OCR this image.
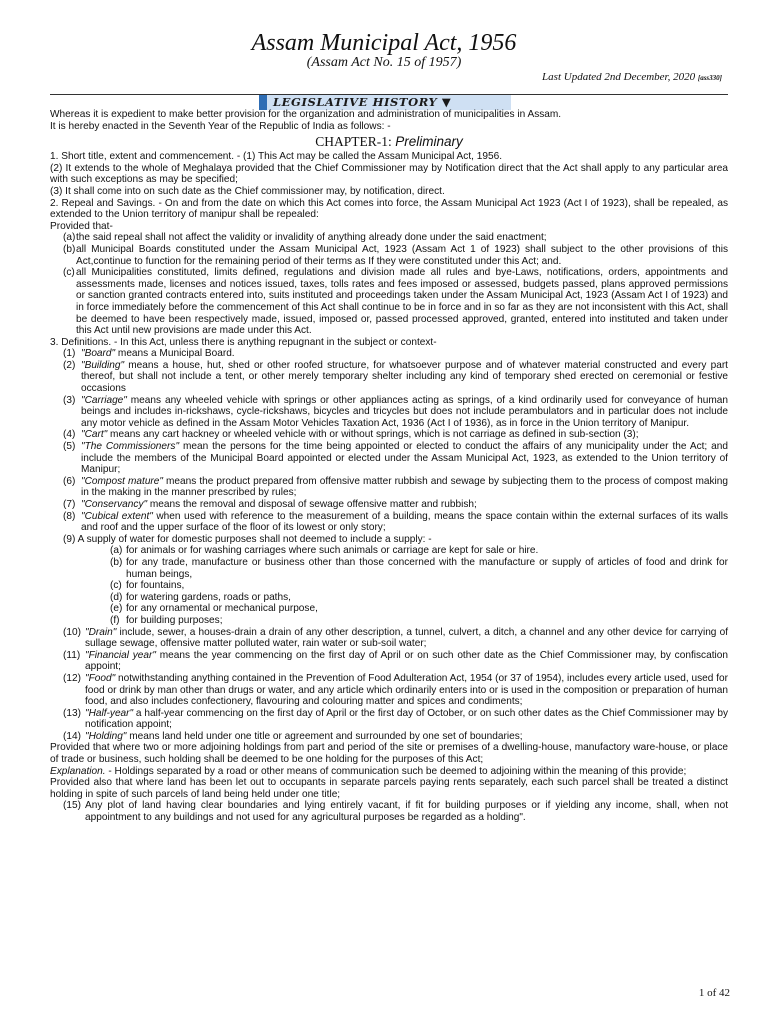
Assam Municipal Act, 1956
(Assam Act No. 15 of 1957)
Last Updated 2nd December, 2020 [ass330]
LEGISLATIVE HISTORY ▼

Whereas it is expedient to make better provision for the organization and administration of municipalities in Assam.

It is hereby enacted in the Seventh Year of the Republic of India as follows: -

CHAPTER-1: Preliminary

1. Short title, extent and commencement. - (1) This Act may be called the Assam Municipal Act, 1956.

(2) It extends to the whole of Meghalaya provided that the Chief Commissioner may by Notification direct that the Act shall apply to any particular area with such exceptions as may be specified;

(3) It shall come into on such date as the Chief commissioner may, by notification, direct.

2. Repeal and Savings. - On and from the date on which this Act comes into force, the Assam Municipal Act 1923 (Act I of 1923), shall be repealed, as extended to the Union territory of manipur shall be repealed:

Provided that-

(a) the said repeal shall not affect the validity or invalidity of anything already done under the said enactment;
(b) all Municipal Boards constituted under the Assam Municipal Act, 1923 (Assam Act 1 of 1923) shall subject to the other provisions of this Act,continue to function for the remaining period of their terms as If they were constituted under this Act; and.
(c) all Municipalities constituted, limits defined, regulations and division made all rules and bye-Laws, notifications, orders, appointments and assessments made, licenses and notices issued, taxes, tolls rates and fees imposed or assessed, budgets passed, plans approved permissions or sanction granted contracts entered into, suits instituted and proceedings taken under the Assam Municipal Act, 1923 (Assam Act I of 1923) and in force immediately before the commencement of this Act shall continue to be in force and in so far as they are not inconsistent with this Act, shall be deemed to have been respectively made, issued, imposed or, passed processed approved, granted, entered into instituted and taken under this Act until new provisions are made under this Act.

3. Definitions. - In this Act, unless there is anything repugnant in the subject or context-

(1) "Board" means a Municipal Board.
(2) "Building" means a house, hut, shed or other roofed structure, for whatsoever purpose and of whatever material constructed and every part thereof, but shall not include a tent, or other merely temporary shelter including any kind of temporary shed erected on ceremonial or festive occasions
(3) "Carriage" means any wheeled vehicle with springs or other appliances acting as springs, of a kind ordinarily used for conveyance of human beings and includes in-rickshaws, cycle-rickshaws, bicycles and tricycles but does not include perambulators and in particular does not include any motor vehicle as defined in the Assam Motor Vehicles Taxation Act, 1936 (Act I of 1936), as in force in the Union territory of Manipur.
(4) "Cart" means any cart hackney or wheeled vehicle with or without springs, which is not carriage as defined in sub-section (3);
(5) "The Commissioners" mean the persons for the time being appointed or elected to conduct the affairs of any municipality under the Act; and include the members of the Municipal Board appointed or elected under the Assam Municipal Act, 1923, as extended to the Union territory of Manipur;
(6) "Compost mature" means the product prepared from offensive matter rubbish and sewage by subjecting them to the process of compost making in the making in the manner prescribed by rules;
(7) "Conservancy" means the removal and disposal of sewage offensive matter and rubbish;
(8) "Cubical extent" when used with reference to the measurement of a building, means the space contain within the external surfaces of its walls and roof and the upper surface of the floor of its lowest or only story;

(9) A supply of water for domestic purposes shall not deemed to include a supply: -

(a) for animals or for washing carriages where such animals or carriage are kept for sale or hire.
(b) for any trade, manufacture or business other than those concerned with the manufacture or supply of articles of food and drink for human beings,
(c) for fountains,
(d) for watering gardens, roads or paths,
(e) for any ornamental or mechanical purpose,
(f) for building purposes;
(10) "Drain" include, sewer, a houses-drain a drain of any other description, a tunnel, culvert, a ditch, a channel and any other device for carrying of sullage sewage, offensive matter polluted water, rain water or sub-soil water;
(11) "Financial year" means the year commencing on the first day of April or on such other date as the Chief Commissioner may, by confiscation appoint;
(12) "Food" notwithstanding anything contained in the Prevention of Food Adulteration Act, 1954 (or 37 of 1954), includes every article used, used for food or drink by man other than drugs or water, and any article which ordinarily enters into or is used in the composition or preparation of human food, and also includes confectionery, flavouring and colouring matter and spices and condiments;
(13) "Half-year" a half-year commencing on the first day of April or the first day of October, or on such other dates as the Chief Commissioner may by notification appoint;
(14) "Holding" means land held under one title or agreement and surrounded by one set of boundaries;

Provided that where two or more adjoining holdings from part and period of the site or premises of a dwelling-house, manufactory ware-house, or place of trade or business, such holding shall be deemed to be one holding for the purposes of this Act;

Explanation. - Holdings separated by a road or other means of communication such be deemed to adjoining within the meaning of this provide;

Provided also that where land has been let out to occupants in separate parcels paying rents separately, each such parcel shall be treated a distinct holding in spite of such parcels of land being held under one title;

(15) Any plot of land having clear boundaries and lying entirely vacant, if fit for building purposes or if yielding any income, shall, when not appointment to any buildings and not used for any agricultural purposes be regarded as a holding".
1 of 42
